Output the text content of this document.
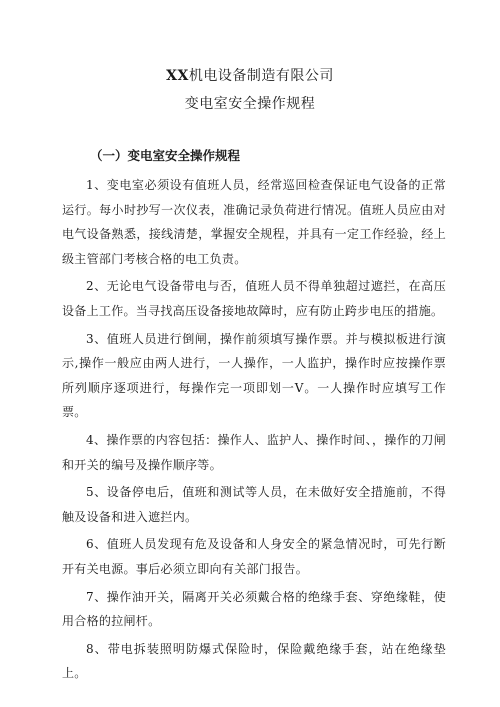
XX机电设备制造有限公司
变电室安全操作规程
（一）变电室安全操作规程

1、变电室必须设有值班人员，经常巡回检查保证电气设备的正常运行。每小时抄写一次仪表，准确记录负荷进行情况。值班人员应由对电气设备熟悉，接线清楚，掌握安全规程，并具有一定工作经验，经上级主管部门考核合格的电工负责。

2、无论电气设备带电与否，值班人员不得单独超过遮拦，在高压设备上工作。当寻找高压设备接地故障时，应有防止跨步电压的措施。

3、值班人员进行倒闸，操作前须填写操作票。并与模拟板进行演示,操作一般应由两人进行，一人操作，一人监护，操作时应按操作票所列顺序逐项进行，每操作完一项即划一V。一人操作时应填写工作票。

4、操作票的内容包括：操作人、监护人、操作时间、，操作的刀闸和开关的编号及操作顺序等。

5、设备停电后，值班和测试等人员，在未做好安全措施前，不得触及设备和进入遮拦内。

6、值班人员发现有危及设备和人身安全的紧急情况时，可先行断开有关电源。事后必须立即向有关部门报告。

7、操作油开关，隔离开关必须戴合格的绝缘手套、穿绝缘鞋，使用合格的拉闸杆。

8、带电拆装照明防爆式保险时，保险戴绝缘手套，站在绝缘垫上。
